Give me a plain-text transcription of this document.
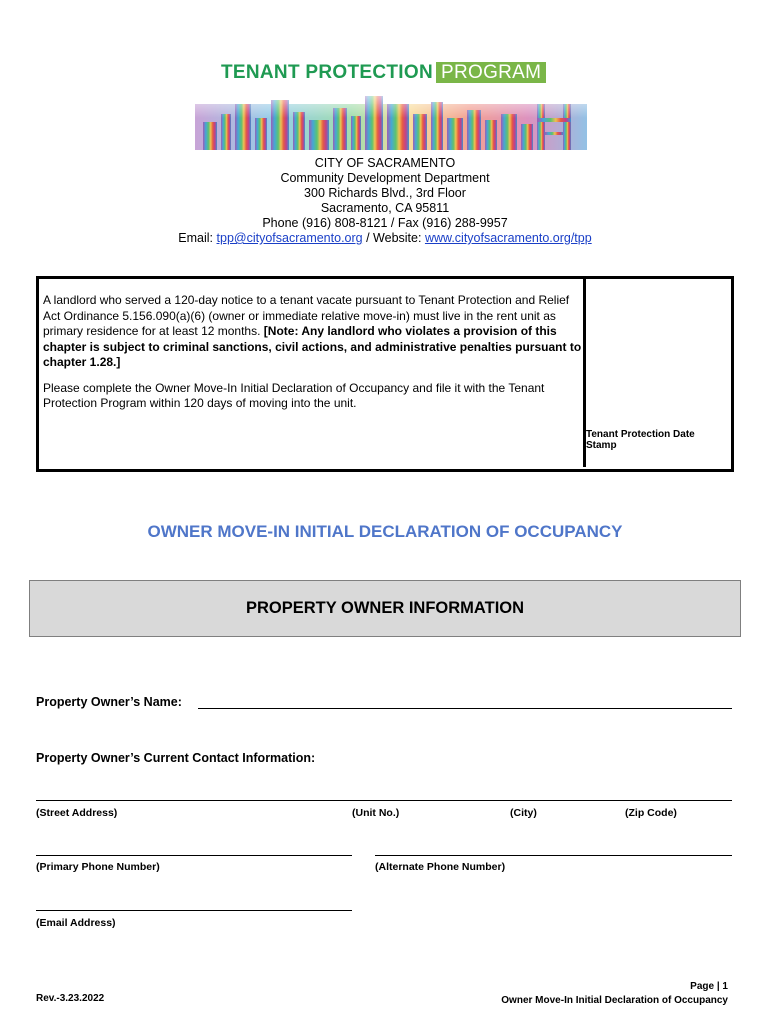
TENANT PROTECTION PROGRAM
CITY OF SACRAMENTO
Community Development Department
300 Richards Blvd., 3rd Floor
Sacramento, CA 95811
Phone (916) 808-8121 / Fax (916) 288-9957
Email: tpp@cityofsacramento.org / Website: www.cityofsacramento.org/tpp

A landlord who served a 120-day notice to a tenant vacate pursuant to Tenant Protection and Relief Act Ordinance 5.156.090(a)(6) (owner or immediate relative move-in) must live in the rent unit as primary residence for at least 12 months. [Note: Any landlord who violates a provision of this chapter is subject to criminal sanctions, civil actions, and administrative penalties pursuant to chapter 1.28.]

Please complete the Owner Move-In Initial Declaration of Occupancy and file it with the Tenant Protection Program within 120 days of moving into the unit.

Tenant Protection Date Stamp
OWNER MOVE-IN INITIAL DECLARATION OF OCCUPANCY
PROPERTY OWNER INFORMATION
Property Owner’s Name:
Property Owner’s Current Contact Information:
(Street Address)	(Unit No.)	(City)	(Zip Code)
(Primary Phone Number)	(Alternate Phone Number)
(Email Address)
Rev.-3.23.2022
Page | 1
Owner Move-In Initial Declaration of Occupancy
